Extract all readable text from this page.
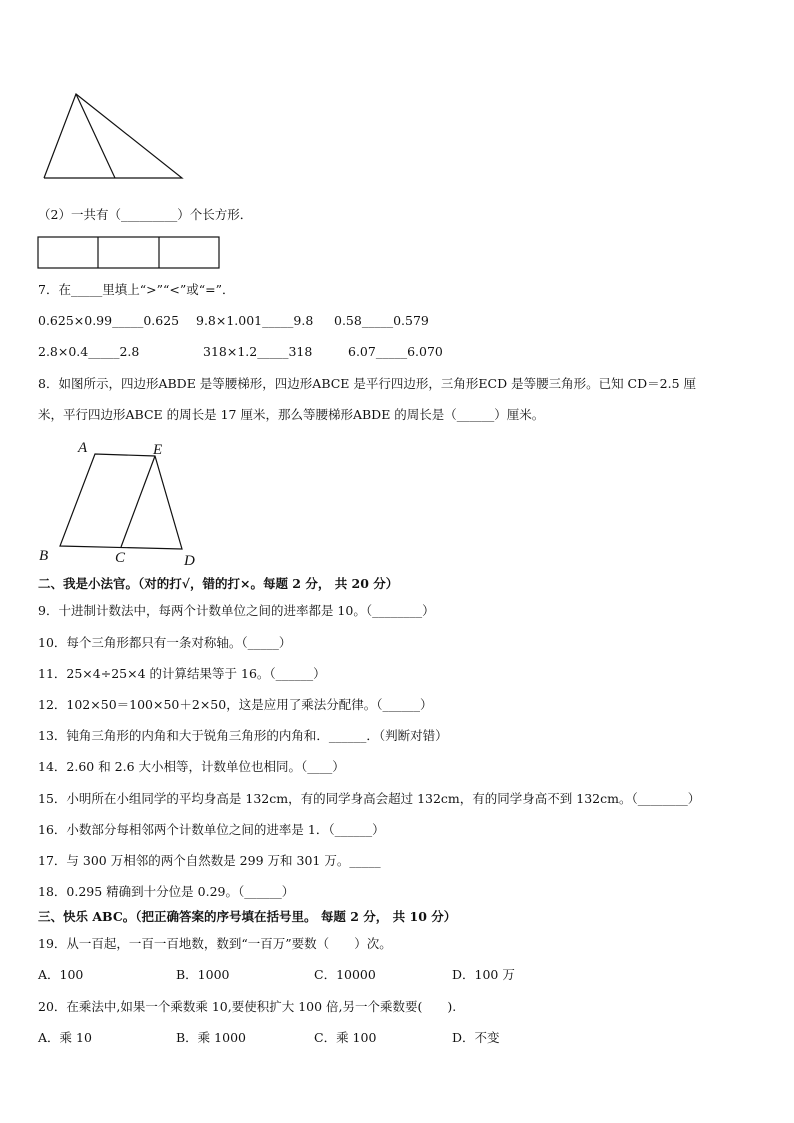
（2）一共有（_________）个长方形．
7．在_____里填上“>”“<”或“=”．
0.625×0.99_____0.625 9.8×1.001_____9.8 0.58_____0.579
2.8×0.4_____2.8	318×1.2_____318	6.07_____6.070
8．如图所示，四边形ABDE 是等腰梯形，四边形ABCE 是平行四边形，三角形ECD 是等腰三角形。已知 CD＝2.5 厘
米，平行四边形ABCE 的周长是 17 厘米，那么等腰梯形ABDE 的周长是（______）厘米。
A	E
B	C	D
二、我是小法官。（对的打√，错的打×。每题 2 分， 共 20 分）
9．十进制计数法中，每两个计数单位之间的进率都是 10。（________）
10．每个三角形都只有一条对称轴。（_____）
11．25×4÷25×4 的计算结果等于 16。（______）
12．102×50＝100×50＋2×50，这是应用了乘法分配律。（______）
13．钝角三角形的内角和大于锐角三角形的内角和．______．（判断对错）
14．2.60 和 2.6 大小相等，计数单位也相同。（____）
15．小明所在小组同学的平均身高是 132cm，有的同学身高会超过 132cm，有的同学身高不到 132cm。（________）
16．小数部分每相邻两个计数单位之间的进率是 1．（______）
17．与 300 万相邻的两个自然数是 299 万和 301 万。_____
18．0.295 精确到十分位是 0.29。（______）
三、快乐 ABC。（把正确答案的序号填在括号里。 每题 2 分， 共 10 分）
19．从一百起，一百一百地数，数到“一百万”要数（　　）次。
A．100	B．1000	C．10000	D．100 万
20．在乘法中,如果一个乘数乘 10,要使积扩大 100 倍,另一个乘数要(　　).
A．乘 10	B．乘 1000	C．乘 100	D．不变
